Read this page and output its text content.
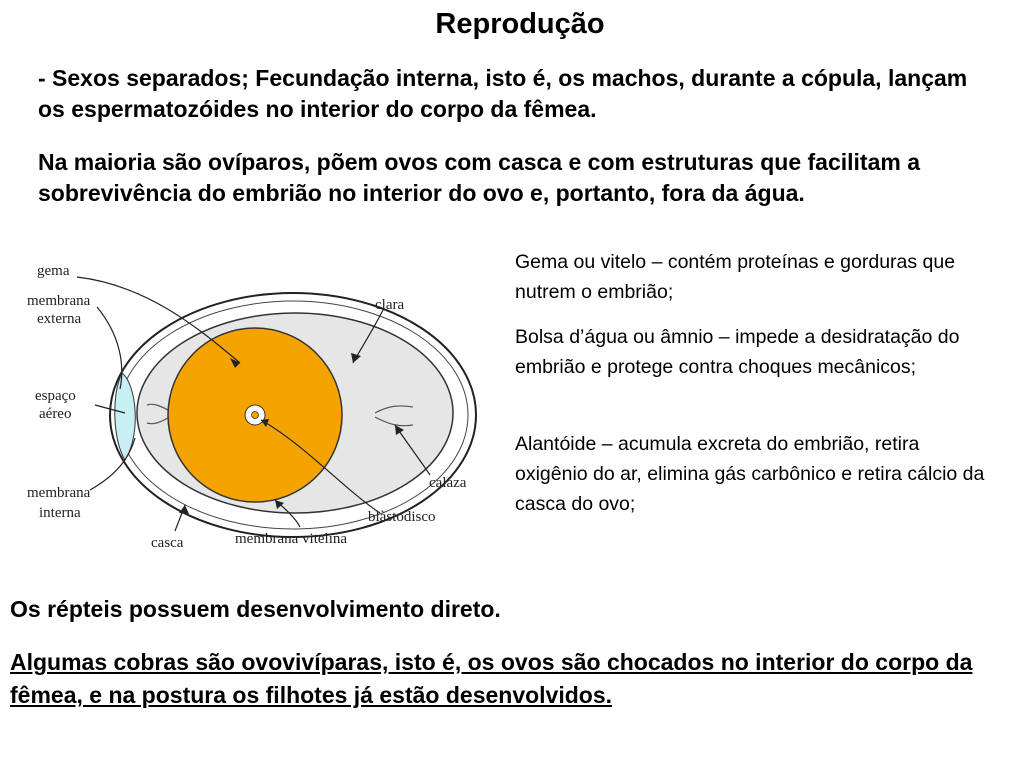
Reprodução

- Sexos separados; Fecundação interna, isto é, os machos, durante a cópula, lançam os espermatozóides no interior do corpo da fêmea.

Na maioria são ovíparos, põem ovos com casca e com estruturas que facilitam a sobrevivência do embrião no interior do ovo e, portanto, fora da água.

gema
membrana
externa
espaço
aéreo
membrana
interna
casca	membrana vitelina
blàstodisco
calaza
clara

Gema ou vitelo – contém proteínas e gorduras que nutrem o embrião;

Bolsa d’água ou âmnio – impede a desidratação do embrião e protege contra choques mecânicos;

Alantóide – acumula excreta do embrião, retira oxigênio do ar, elimina gás carbônico e retira cálcio da casca do ovo;

Os répteis possuem desenvolvimento direto.

Algumas cobras são ovovivíparas, isto é, os ovos são chocados no interior do corpo da fêmea, e na postura os filhotes já estão desenvolvidos.
